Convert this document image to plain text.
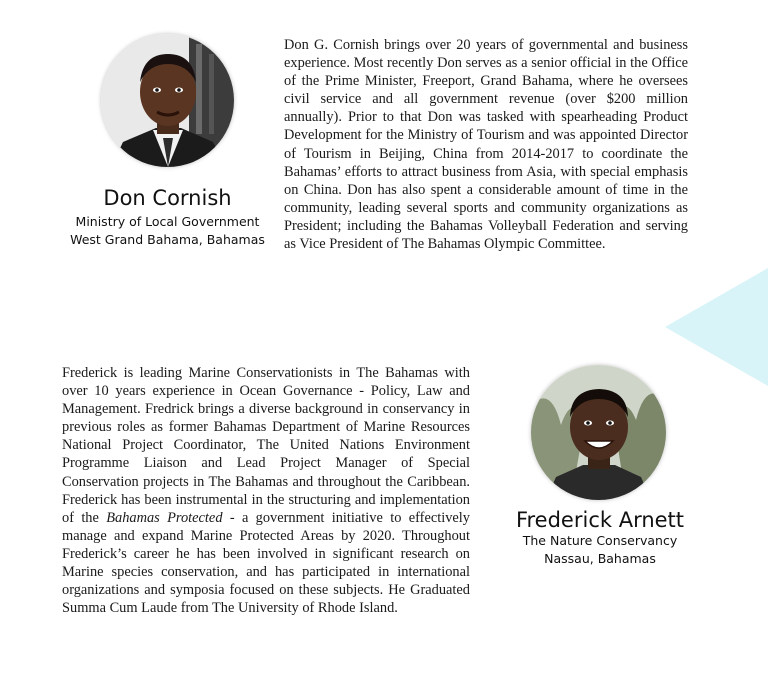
Don Cornish
Ministry of Local Government
West Grand Bahama, Bahamas

Don G. Cornish brings over 20 years of governmental and business experience. Most recently Don serves as a senior official in the Office of the Prime Minister, Freeport, Grand Bahama, where he oversees civil service and all government revenue (over $200 million annually). Prior to that Don was tasked with spearheading Product Development for the Ministry of Tourism and was appointed Director of Tourism in Beijing, China from 2014-2017 to coordinate the Bahamas’ efforts to attract business from Asia, with special emphasis on China. Don has also spent a considerable amount of time in the community, leading several sports and community organizations as President; including the Bahamas Volleyball Federation and serving as Vice President of The Bahamas Olympic Committee.

Frederick is leading Marine Conservationists in The Bahamas with over 10 years experience in Ocean Governance - Policy, Law and Management. Fredrick brings a diverse background in conservancy in previous roles as former Bahamas Department of Marine Resources National Project Coordinator, The United Nations Environment Programme Liaison and Lead Project Manager of Special Conservation projects in The Bahamas and throughout the Caribbean. Frederick has been instrumental in the structuring and implementation of the Bahamas Protected - a government initiative to effectively manage and expand Marine Protected Areas by 2020. Throughout Frederick’s career he has been involved in significant research on Marine species conservation, and has participated in international organizations and symposia focused on these subjects. He Graduated Summa Cum Laude from The University of Rhode Island.

Frederick Arnett
The Nature Conservancy
Nassau, Bahamas
